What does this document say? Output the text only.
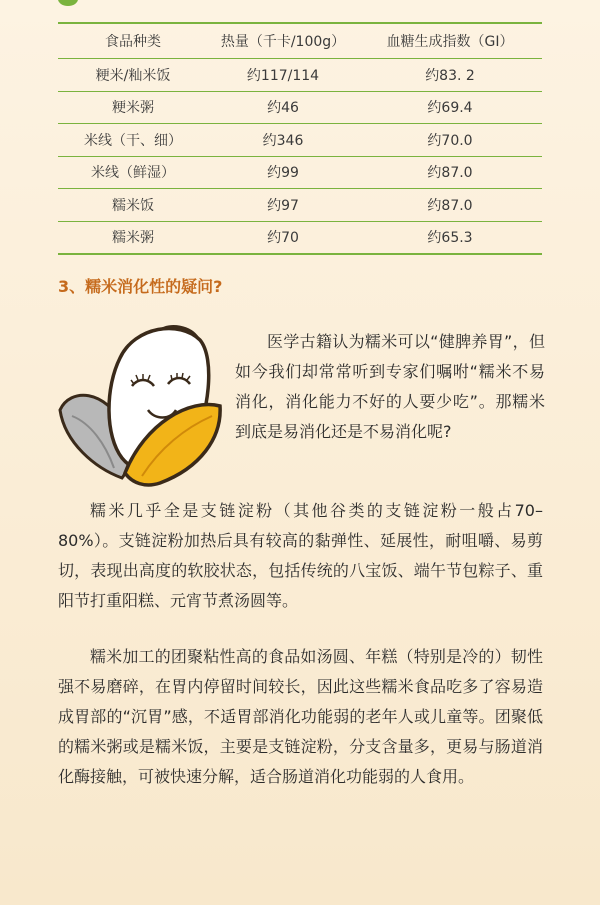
食品种类	热量（千卡/100g）	血糖生成指数（GI）
粳米/籼米饭	约117/114	约83. 2
粳米粥	约46	约69.4
米线（干、细）	约346	约70.0
米线（鲜湿）	约99	约87.0
糯米饭	约97	约87.0
糯米粥	约70	约65.3
3、糯米消化性的疑问?

医学古籍认为糯米可以“健脾养胃”，但如今我们却常常听到专家们嘱咐“糯米不易消化，消化能力不好的人要少吃”。那糯米到底是易消化还是不易消化呢?

糯米几乎全是支链淀粉（其他谷类的支链淀粉一般占70–80%）。支链淀粉加热后具有较高的黏弹性、延展性，耐咀嚼、易剪切，表现出高度的软胶状态，包括传统的八宝饭、端午节包粽子、重阳节打重阳糕、元宵节煮汤圆等。

糯米加工的团聚粘性高的食品如汤圆、年糕（特别是冷的）韧性强不易磨碎，在胃内停留时间较长，因此这些糯米食品吃多了容易造成胃部的“沉胃”感，不适胃部消化功能弱的老年人或儿童等。团聚低的糯米粥或是糯米饭，主要是支链淀粉，分支含量多，更易与肠道消化酶接触，可被快速分解，适合肠道消化功能弱的人食用。
